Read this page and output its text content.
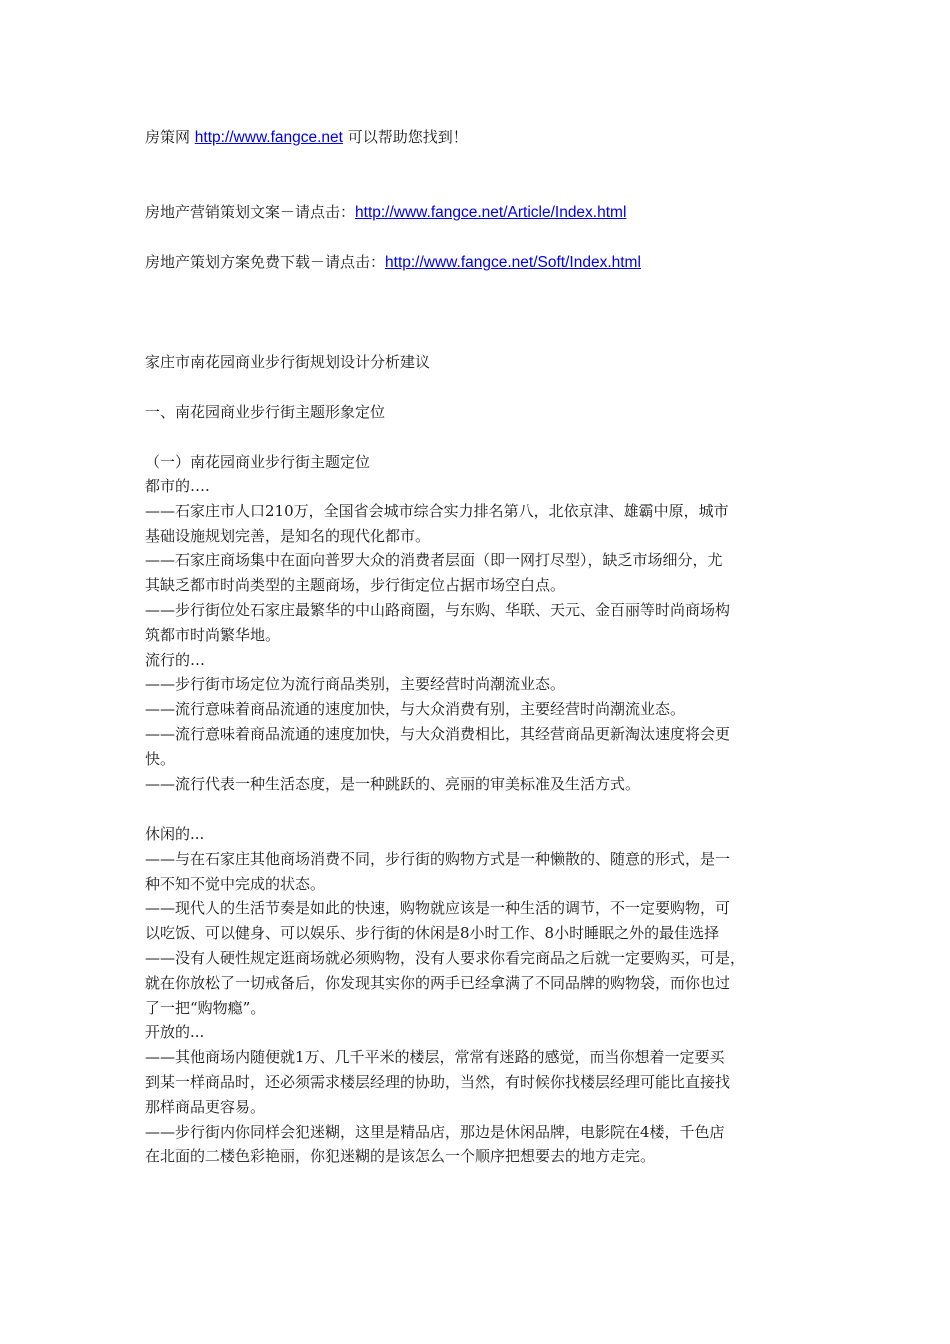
房策网 http://www.fangce.net 可以帮助您找到！
房地产营销策划文案－请点击：http://www.fangce.net/Article/Index.html
房地产策划方案免费下载－请点击：http://www.fangce.net/Soft/Index.html
家庄市南花园商业步行街规划设计分析建议
一、南花园商业步行街主题形象定位
（一）南花园商业步行街主题定位
都市的….
——石家庄市人口210万，全国省会城市综合实力排名第八，北依京津、雄霸中原，城市
基础设施规划完善，是知名的现代化都市。
——石家庄商场集中在面向普罗大众的消费者层面（即一网打尽型），缺乏市场细分，尤
其缺乏都市时尚类型的主题商场，步行街定位占据市场空白点。
——步行街位处石家庄最繁华的中山路商圈，与东购、华联、天元、金百丽等时尚商场构
筑都市时尚繁华地。
流行的…
——步行街市场定位为流行商品类别，主要经营时尚潮流业态。
——流行意味着商品流通的速度加快，与大众消费有别，主要经营时尚潮流业态。
——流行意味着商品流通的速度加快，与大众消费相比，其经营商品更新淘汰速度将会更
快。
——流行代表一种生活态度，是一种跳跃的、亮丽的审美标准及生活方式。
休闲的...
——与在石家庄其他商场消费不同，步行街的购物方式是一种懒散的、随意的形式，是一
种不知不觉中完成的状态。
——现代人的生活节奏是如此的快速，购物就应该是一种生活的调节，不一定要购物，可
以吃饭、可以健身、可以娱乐、步行街的休闲是8小时工作、8小时睡眠之外的最佳选择
——没有人硬性规定逛商场就必须购物，没有人要求你看完商品之后就一定要购买，可是，
就在你放松了一切戒备后，你发现其实你的两手已经拿满了不同品牌的购物袋，而你也过
了一把“购物瘾”。
开放的...
——其他商场内随便就1万、几千平米的楼层，常常有迷路的感觉，而当你想着一定要买
到某一样商品时，还必须需求楼层经理的协助，当然，有时候你找楼层经理可能比直接找
那样商品更容易。
——步行街内你同样会犯迷糊，这里是精品店，那边是休闲品牌，电影院在4楼，千色店
在北面的二楼色彩艳丽，你犯迷糊的是该怎么一个顺序把想要去的地方走完。
